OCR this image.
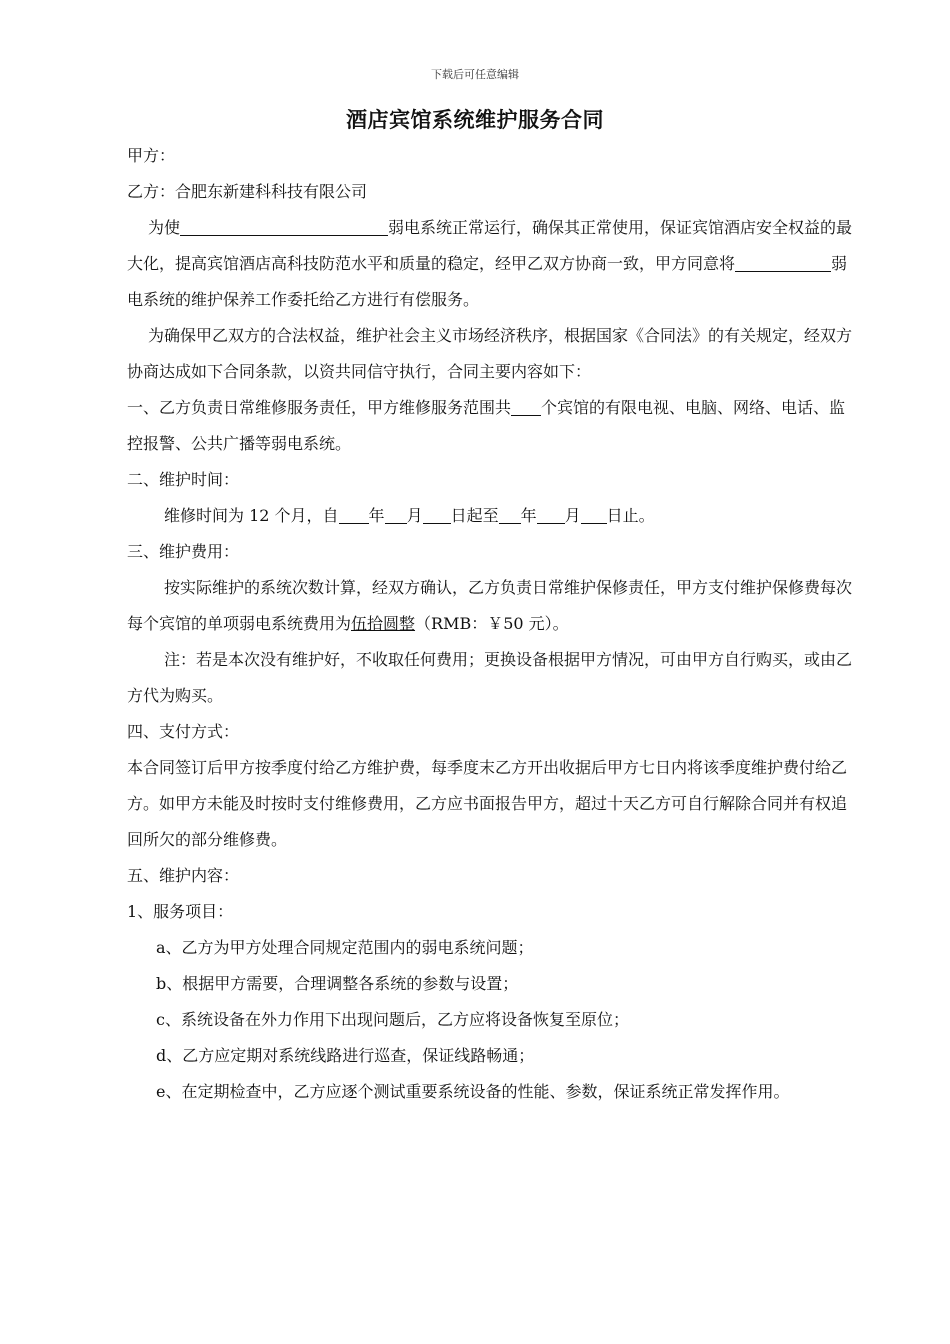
下载后可任意编辑
酒店宾馆系统维护服务合同

甲方：

乙方：合肥东新建科科技有限公司

为使	弱电系统正常运行，确保其正常使用，保证宾馆酒店安全权益的最大化，提高宾馆酒店高科技防范水平和质量的稳定，经甲乙双方协商一致，甲方同意将	弱电系统的维护保养工作委托给乙方进行有偿服务。

为确保甲乙双方的合法权益，维护社会主义市场经济秩序，根据国家《合同法》的有关规定，经双方协商达成如下合同条款，以资共同信守执行，合同主要内容如下：

一、乙方负责日常维修服务责任，甲方维修服务范围共 个宾馆的有限电视、电脑、网络、电话、监控报警、公共广播等弱电系统。

二、维护时间：

维修时间为 12 个月，自 年 月 日起至 年 月 日止。

三、维护费用：

按实际维护的系统次数计算，经双方确认，乙方负责日常维护保修责任，甲方支付维护保修费每次每个宾馆的单项弱电系统费用为伍拾圆整（RMB：￥50 元）。

注：若是本次没有维护好，不收取任何费用；更换设备根据甲方情况，可由甲方自行购买，或由乙方代为购买。

四、支付方式：

本合同签订后甲方按季度付给乙方维护费，每季度末乙方开出收据后甲方七日内将该季度维护费付给乙方。如甲方未能及时按时支付维修费用，乙方应书面报告甲方，超过十天乙方可自行解除合同并有权追回所欠的部分维修费。

五、维护内容：

1、服务项目：

a、乙方为甲方处理合同规定范围内的弱电系统问题；

b、根据甲方需要，合理调整各系统的参数与设置；

c、系统设备在外力作用下出现问题后，乙方应将设备恢复至原位；

d、乙方应定期对系统线路进行巡查，保证线路畅通；

e、在定期检查中，乙方应逐个测试重要系统设备的性能、参数，保证系统正常发挥作用。
